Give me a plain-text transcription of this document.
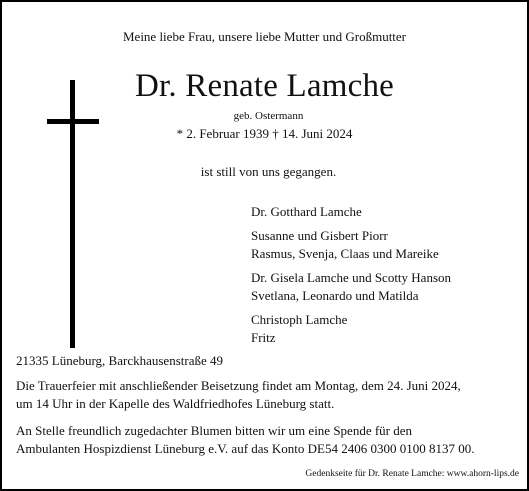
Meine liebe Frau, unsere liebe Mutter und Großmutter
Dr. Renate Lamche
geb. Ostermann
* 2. Februar 1939 † 14. Juni 2024
ist still von uns gegangen.
Dr. Gotthard Lamche
Susanne und Gisbert Piorr
Rasmus, Svenja, Claas und Mareike
Dr. Gisela Lamche und Scotty Hanson
Svetlana, Leonardo und Matilda
Christoph Lamche
Fritz
21335 Lüneburg, Barckhausenstraße 49
Die Trauerfeier mit anschließender Beisetzung findet am Montag, dem 24. Juni 2024,
um 14 Uhr in der Kapelle des Waldfriedhofes Lüneburg statt.
An Stelle freundlich zugedachter Blumen bitten wir um eine Spende für den
Ambulanten Hospizdienst Lüneburg e.V. auf das Konto DE54 2406 0300 0100 8137 00.
Gedenkseite für Dr. Renate Lamche: www.ahorn-lips.de
